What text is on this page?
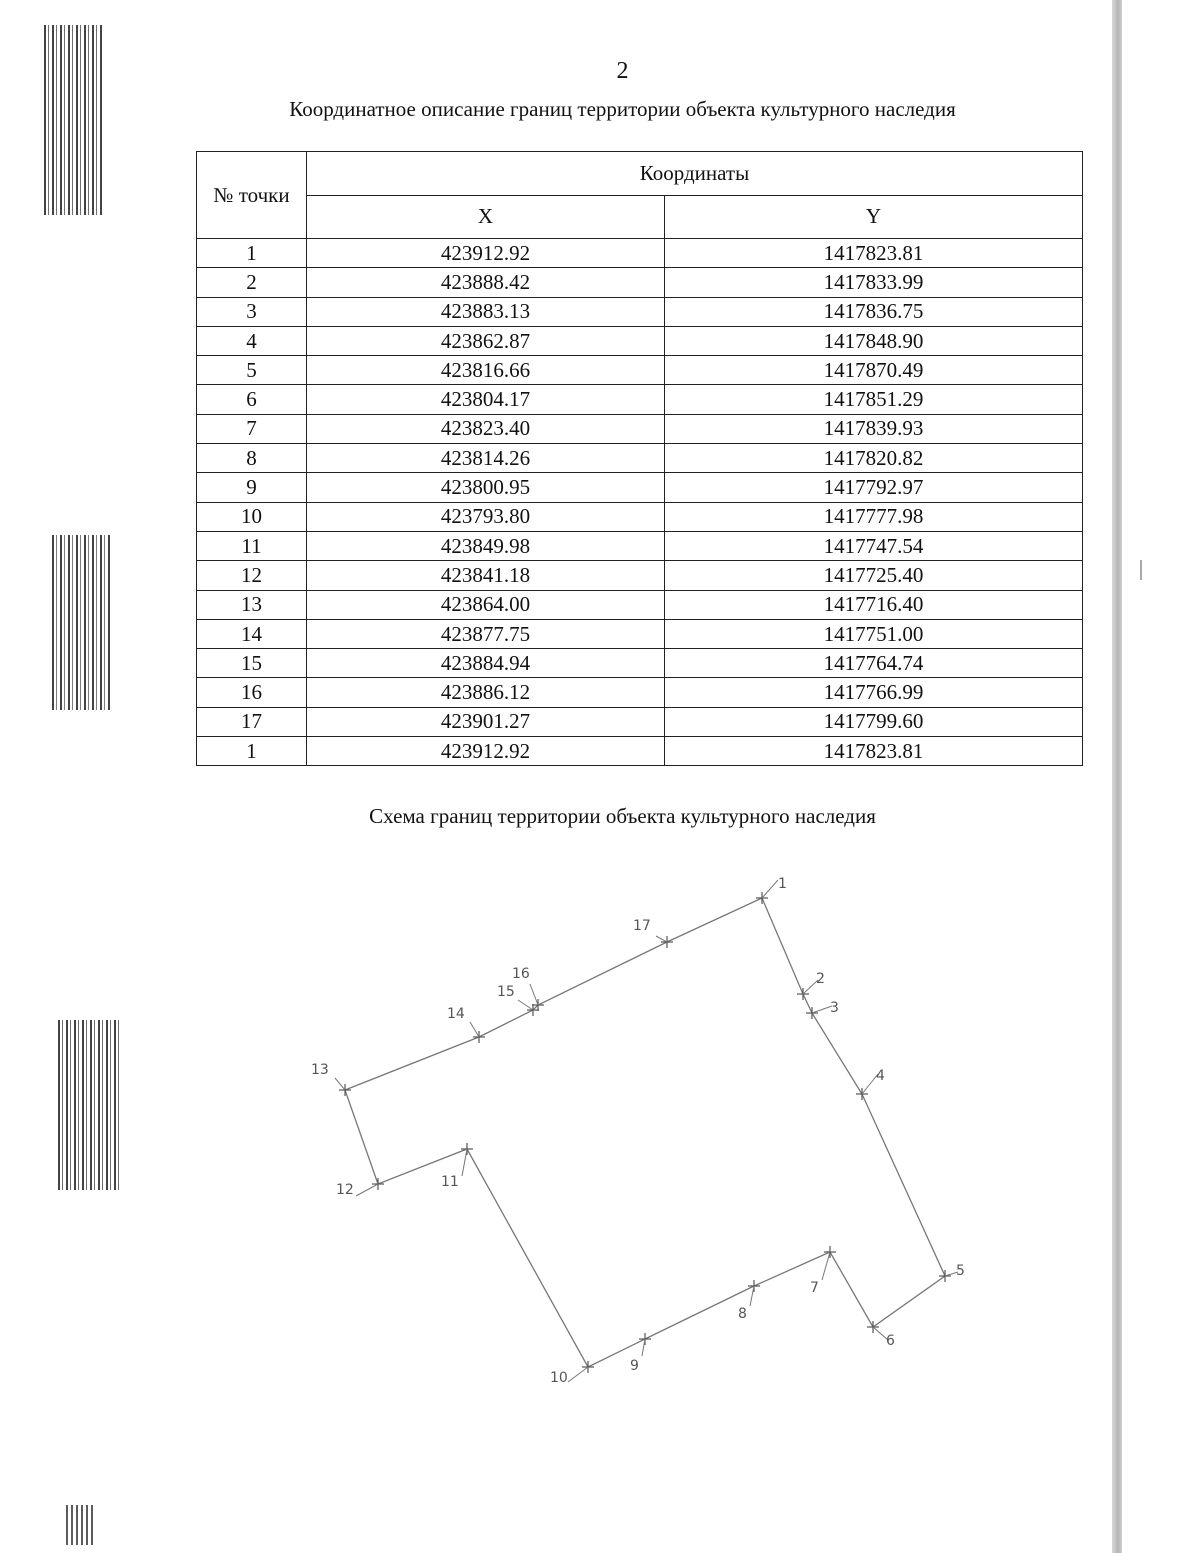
2
Координатное описание границ территории объекта культурного наследия
№ точки	Координаты	
	X	Y
1	423912.92	1417823.81
2	423888.42	1417833.99
3	423883.13	1417836.75
4	423862.87	1417848.90
5	423816.66	1417870.49
6	423804.17	1417851.29
7	423823.40	1417839.93
8	423814.26	1417820.82
9	423800.95	1417792.97
10	423793.80	1417777.98
11	423849.98	1417747.54
12	423841.18	1417725.40
13	423864.00	1417716.40
14	423877.75	1417751.00
15	423884.94	1417764.74
16	423886.12	1417766.99
17	423901.27	1417799.60
1	423912.92	1417823.81
Схема границ территории объекта культурного наследия
1
2
3
4
5
6
7
8
9
10
11
12
13
14
15
16
17
